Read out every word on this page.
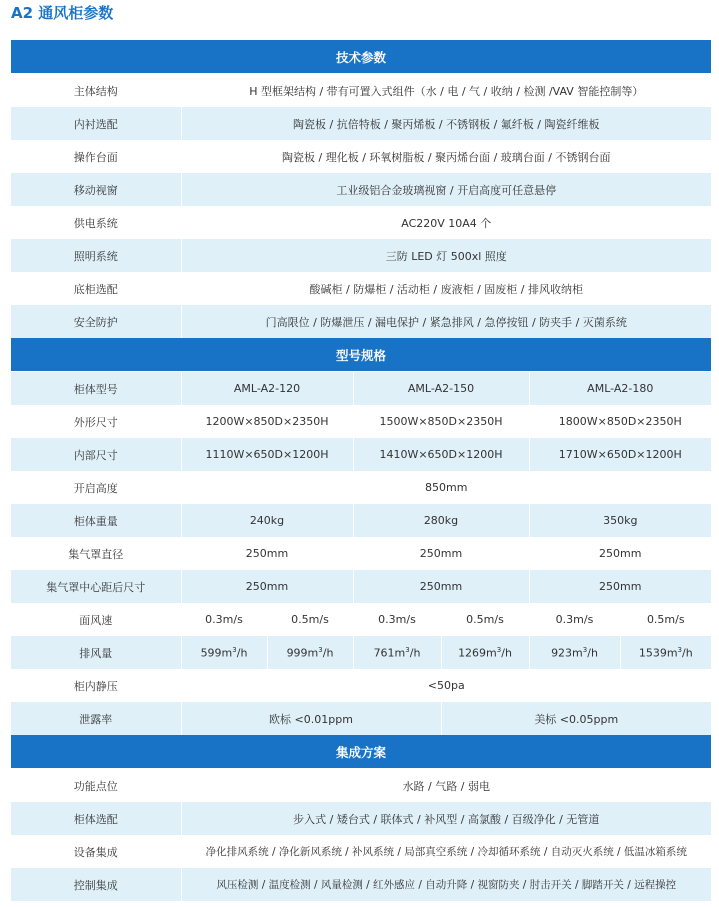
A2 通风柜参数
技术参数						
主体结构	H 型框架结构 / 带有可置入式组件（水 / 电 / 气 / 收纳 / 检测 /VAV 智能控制等）					
内衬选配	陶瓷板 / 抗倍特板 / 聚丙烯板 / 不锈钢板 / 氟纤板 / 陶瓷纤维板					
操作台面	陶瓷板 / 理化板 / 环氧树脂板 / 聚丙烯台面 / 玻璃台面 / 不锈钢台面					
移动视窗	工业级铝合金玻璃视窗 / 开启高度可任意悬停					
供电系统	AC220V 10A4 个					
照明系统	三防 LED 灯 500xl 照度					
底柜选配	酸碱柜 / 防爆柜 / 活动柜 / 废液柜 / 固废柜 / 排风收纳柜					
安全防护	门高限位 / 防爆泄压 / 漏电保护 / 紧急排风 / 急停按钮 / 防夹手 / 灭菌系统					
型号规格						
柜体型号	AML-A2-120		AML-A2-150		AML-A2-180	
外形尺寸	1200W×850D×2350H		1500W×850D×2350H		1800W×850D×2350H	
内部尺寸	1110W×650D×1200H		1410W×650D×1200H		1710W×650D×1200H	
开启高度	850mm					
柜体重量	240kg		280kg		350kg	
集气罩直径	250mm		250mm		250mm	
集气罩中心距后尺寸	250mm		250mm		250mm	
面风速	0.3m/s	0.5m/s	0.3m/s	0.5m/s	0.3m/s	0.5m/s
排风量	$599m^3/h$	$999m^3/h$	$761m^3/h$	$1269m^3/h$	$923m^3/h$	$1539m^3/h$
柜内静压	<50pa					
泄露率	欧标 <0.01ppm			美标 <0.05ppm		
集成方案						
功能点位	水路 / 气路 / 弱电					
柜体选配	步入式 / 矮台式 / 联体式 / 补风型 / 高氯酸 / 百级净化 / 无管道					
设备集成	净化排风系统 / 净化新风系统 / 补风系统 / 局部真空系统 / 冷却循环系统 / 自动灭火系统 / 低温冰箱系统					
控制集成	风压检测 / 温度检测 / 风量检测 / 红外感应 / 自动升降 / 视窗防夹 / 肘击开关 / 脚踏开关 / 远程操控					
